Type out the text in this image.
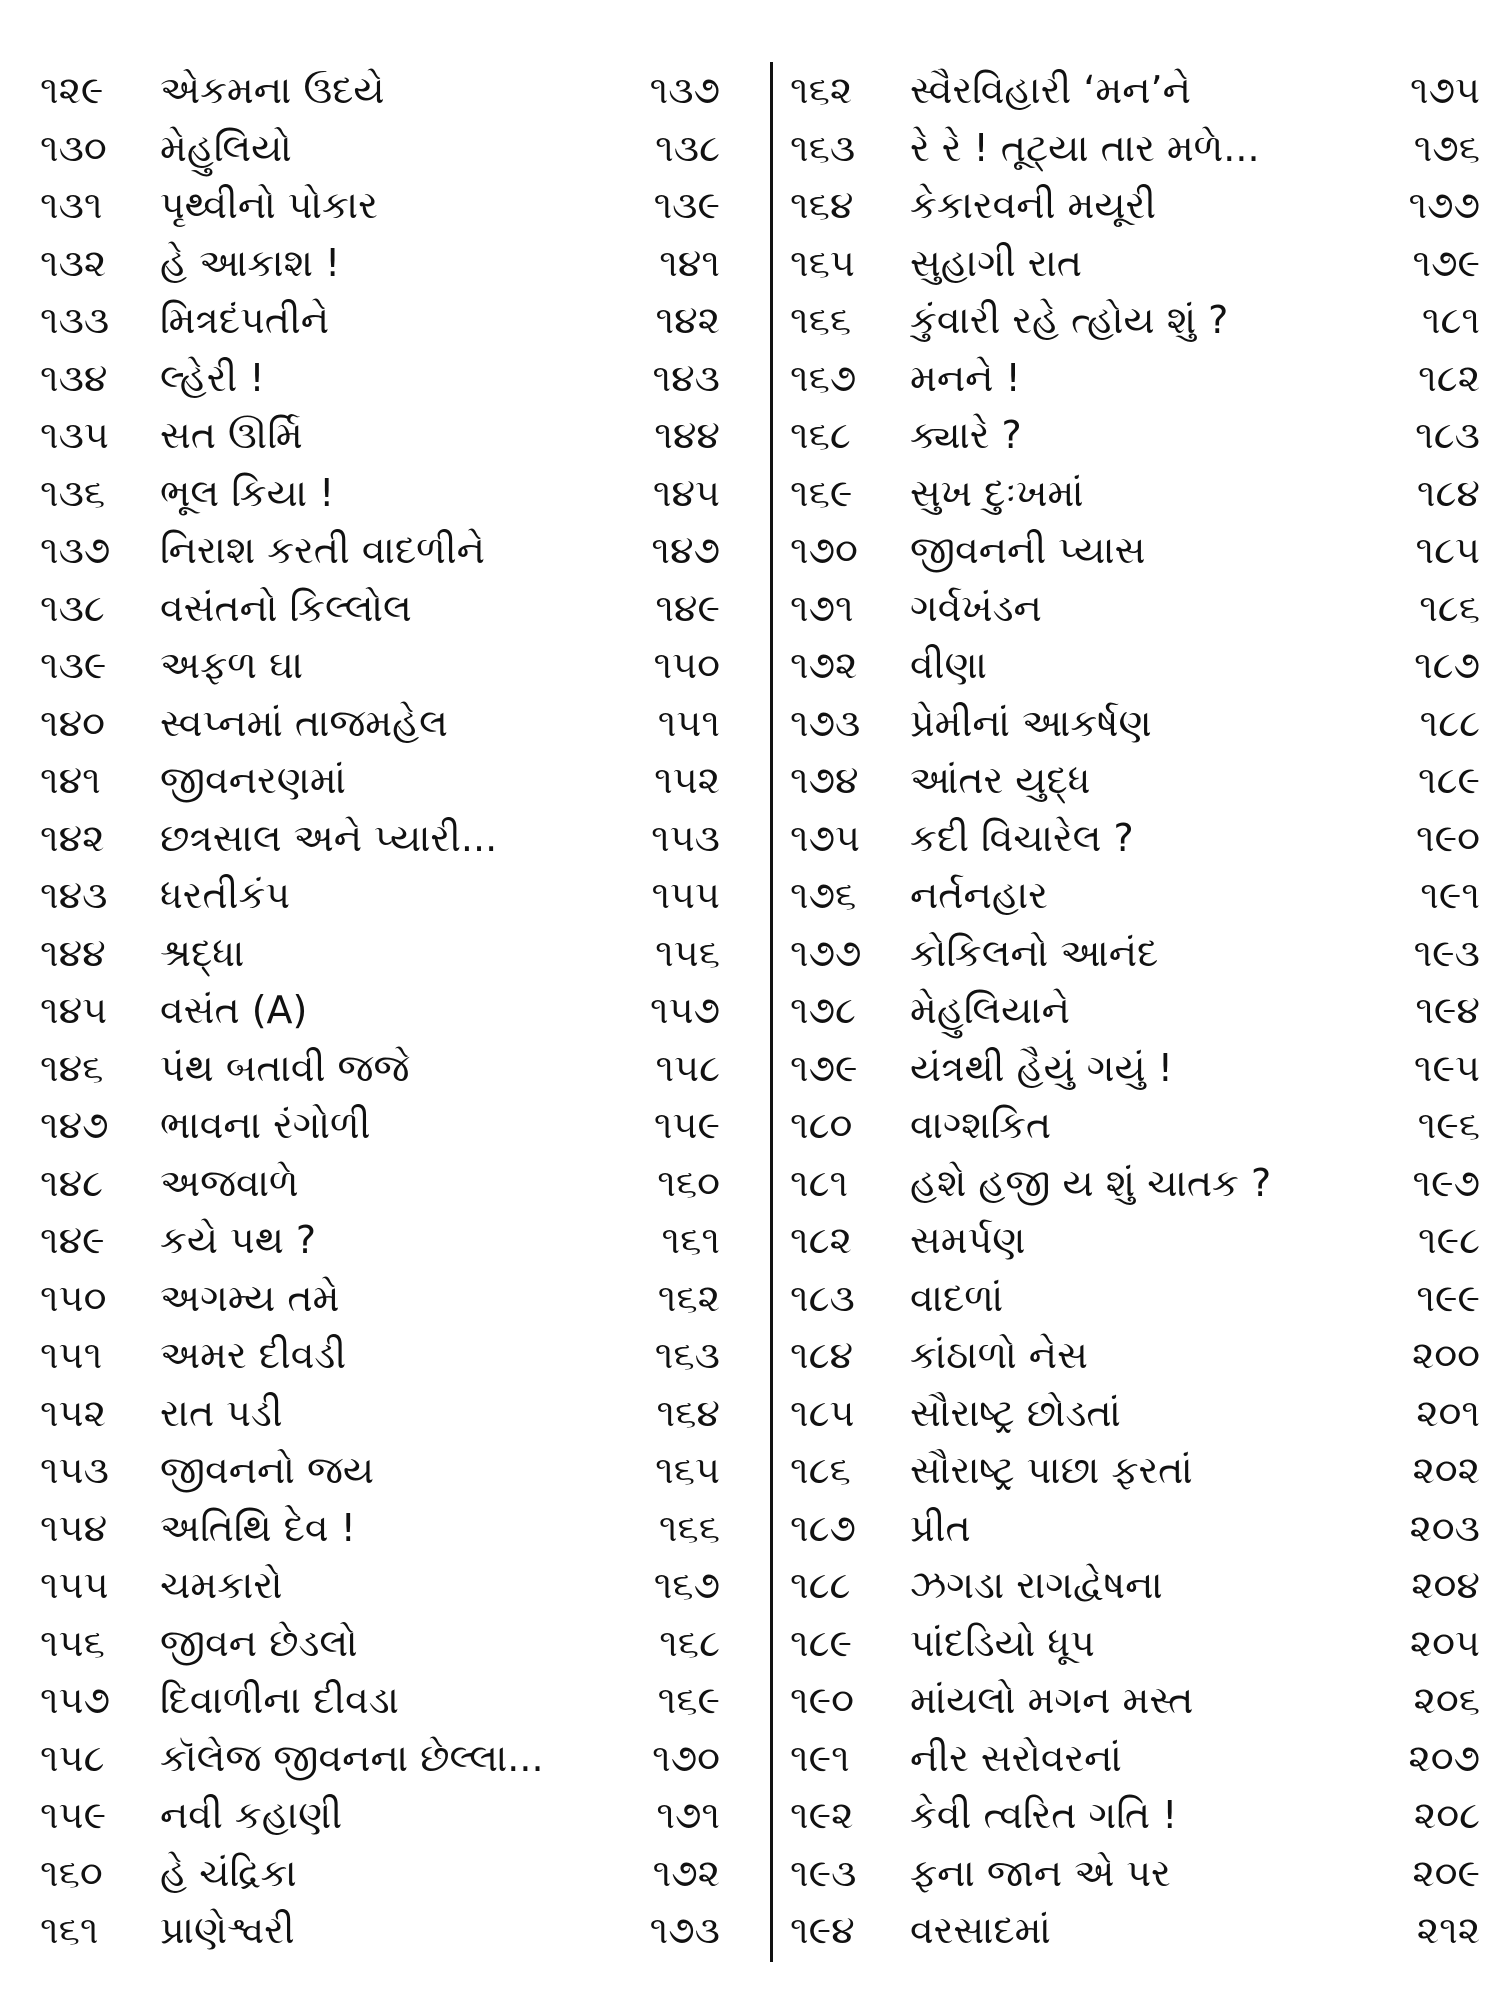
૧૨૯	એકમના ઉદયે	૧૩૭
૧૩૦	મેહુલિયો	૧૩૮
૧૩૧	પૃથ્વીનો પોકાર	૧૩૯
૧૩૨	હે આકાશ !	૧૪૧
૧૩૩	મિત્રદંપતીને	૧૪૨
૧૩૪	લ્હેરી !	૧૪૩
૧૩૫	સત ઊર્મિ	૧૪૪
૧૩૬	ભૂલ કિયા !	૧૪૫
૧૩૭	નિરાશ કરતી વાદળીને	૧૪૭
૧૩૮	વસંતનો કિલ્લોલ	૧૪૯
૧૩૯	અફળ ઘા	૧૫૦
૧૪૦	સ્વપ્નમાં તાજમહેલ	૧૫૧
૧૪૧	જીવનરણમાં	૧૫૨
૧૪૨	છત્રસાલ અને પ્યારી...	૧૫૩
૧૪૩	ધરતીકંપ	૧૫૫
૧૪૪	શ્રદ્ધા	૧૫૬
૧૪૫	વસંત (A)	૧૫૭
૧૪૬	પંથ બતાવી જજે	૧૫૮
૧૪૭	ભાવના રંગોળી	૧૫૯
૧૪૮	અજવાળે	૧૬૦
૧૪૯	કયે પથ ?	૧૬૧
૧૫૦	અગમ્ય તમે	૧૬૨
૧૫૧	અમર દીવડી	૧૬૩
૧૫૨	રાત પડી	૧૬૪
૧૫૩	જીવનનો જય	૧૬૫
૧૫૪	અતિથિ દેવ !	૧૬૬
૧૫૫	ચમકારો	૧૬૭
૧૫૬	જીવન છેડલો	૧૬૮
૧૫૭	દિવાળીના દીવડા	૧૬૯
૧૫૮	કૉલેજ જીવનના છેલ્લા...	૧૭૦
૧૫૯	નવી કહાણી	૧૭૧
૧૬૦	હે ચંદ્રિકા	૧૭૨
૧૬૧	પ્રાણેશ્વરી	૧૭૩
૧૬૨	સ્વૈરવિહારી ‘મન’ને	૧૭૫
૧૬૩	રે રે ! તૂટ્યા તાર મળે...	૧૭૬
૧૬૪	કેકારવની મયૂરી	૧૭૭
૧૬૫	સુહાગી રાત	૧૭૯
૧૬૬	કુંવારી રહે ત્હોય શું ?	૧૮૧
૧૬૭	મનને !	૧૮૨
૧૬૮	ક્યારે ?	૧૮૩
૧૬૯	સુખ દુઃખમાં	૧૮૪
૧૭૦	જીવનની પ્યાસ	૧૮૫
૧૭૧	ગર્વખંડન	૧૮૬
૧૭૨	વીણા	૧૮૭
૧૭૩	પ્રેમીનાં આકર્ષણ	૧૮૮
૧૭૪	આંતર યુદ્ધ	૧૮૯
૧૭૫	કદી વિચારેલ ?	૧૯૦
૧૭૬	નર્તનહાર	૧૯૧
૧૭૭	કોકિલનો આનંદ	૧૯૩
૧૭૮	મેહુલિયાને	૧૯૪
૧૭૯	યંત્રથી હૈયું ગયું !	૧૯૫
૧૮૦	વાગ્શકિત	૧૯૬
૧૮૧	હશે હજી ય શું ચાતક ?	૧૯૭
૧૮૨	સમર્પણ	૧૯૮
૧૮૩	વાદળાં	૧૯૯
૧૮૪	કાંઠાળો નેસ	૨૦૦
૧૮૫	સૌરાષ્ટ્ર છોડતાં	૨૦૧
૧૮૬	સૌરાષ્ટ્ર પાછા ફરતાં	૨૦૨
૧૮૭	પ્રીત	૨૦૩
૧૮૮	ઝગડા રાગદ્વેષના	૨૦૪
૧૮૯	પાંદડિયો ધૂપ	૨૦૫
૧૯૦	માંયલો મગન મસ્ત	૨૦૬
૧૯૧	નીર સરોવરનાં	૨૦૭
૧૯૨	કેવી ત્વરિત ગતિ !	૨૦૮
૧૯૩	ફના જાન એ પર	૨૦૯
૧૯૪	વરસાદમાં	૨૧૨
